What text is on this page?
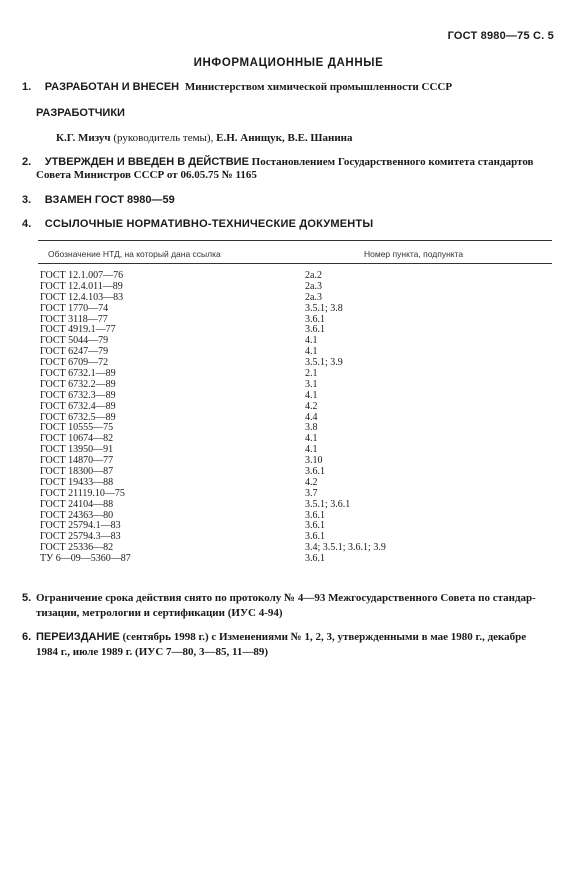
ГОСТ 8980—75 С. 5
ИНФОРМАЦИОННЫЕ ДАННЫЕ
1. РАЗРАБОТАН И ВНЕСЕН Министерством химической промышленности СССР
РАЗРАБОТЧИКИ
К.Г. Мизуч (руководитель темы), Е.Н. Анищук, В.Е. Шанина
2. УТВЕРЖДЕН И ВВЕДЕН В ДЕЙСТВИЕ Постановлением Государственного комитета стандартов
Совета Министров СССР от 06.05.75 № 1165
3. ВЗАМЕН ГОСТ 8980—59
4. ССЫЛОЧНЫЕ НОРМАТИВНО-ТЕХНИЧЕСКИЕ ДОКУМЕНТЫ
Обозначение НТД, на который дана ссылка	Номер пункта, подпункта
ГОСТ 12.1.007—76	2а.2
ГОСТ 12.4.011—89	2а.3
ГОСТ 12.4.103—83	2а.3
ГОСТ 1770—74	3.5.1; 3.8
ГОСТ 3118—77	3.6.1
ГОСТ 4919.1—77	3.6.1
ГОСТ 5044—79	4.1
ГОСТ 6247—79	4.1
ГОСТ 6709—72	3.5.1; 3.9
ГОСТ 6732.1—89	2.1
ГОСТ 6732.2—89	3.1
ГОСТ 6732.3—89	4.1
ГОСТ 6732.4—89	4.2
ГОСТ 6732.5—89	4.4
ГОСТ 10555—75	3.8
ГОСТ 10674—82	4.1
ГОСТ 13950—91	4.1
ГОСТ 14870—77	3.10
ГОСТ 18300—87	3.6.1
ГОСТ 19433—88	4.2
ГОСТ 21119.10—75	3.7
ГОСТ 24104—88	3.5.1; 3.6.1
ГОСТ 24363—80	3.6.1
ГОСТ 25794.1—83	3.6.1
ГОСТ 25794.3—83	3.6.1
ГОСТ 25336—82	3.4; 3.5.1; 3.6.1; 3.9
ТУ 6—09—5360—87	3.6.1
5. Ограничение срока действия снято по протоколу № 4—93 Межгосударственного Совета по стандар-
тизации, метрологии и сертификации (ИУС 4-94)
6. ПЕРЕИЗДАНИЕ (сентябрь 1998 г.) с Изменениями № 1, 2, 3, утвержденными в мае 1980 г., декабре
1984 г., июле 1989 г. (ИУС 7—80, 3—85, 11—89)
